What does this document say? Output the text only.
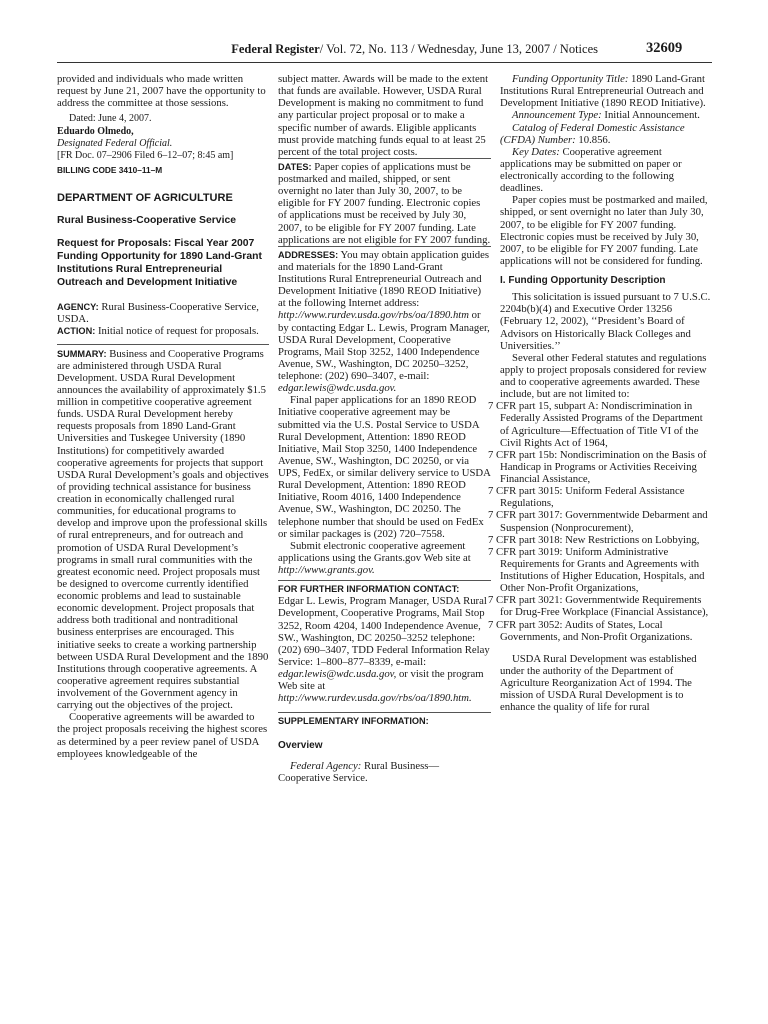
Federal Register/ Vol. 72, No. 113 / Wednesday, June 13, 2007 / Notices	32609

provided and individuals who made written request by June 21, 2007 have the opportunity to address the committee at those sessions.

Dated: June 4, 2007.

Eduardo Olmedo,

Designated Federal Official.

[FR Doc. 07–2906 Filed 6–12–07; 8:45 am]

BILLING CODE 3410–11–M

DEPARTMENT OF AGRICULTURE

Rural Business-Cooperative Service

Request for Proposals: Fiscal Year 2007 Funding Opportunity for 1890 Land-Grant Institutions Rural Entrepreneurial Outreach and Development Initiative

AGENCY: Rural Business-Cooperative Service, USDA.

ACTION: Initial notice of request for proposals.

SUMMARY: Business and Cooperative Programs are administered through USDA Rural Development. USDA Rural Development announces the availability of approximately $1.5 million in competitive cooperative agreement funds. USDA Rural Development hereby requests proposals from 1890 Land-Grant Universities and Tuskegee University (1890 Institutions) for competitively awarded cooperative agreements for projects that support USDA Rural Development’s goals and objectives of providing technical assistance for business creation in economically challenged rural communities, for educational programs to develop and improve upon the professional skills of rural entrepreneurs, and for outreach and promotion of USDA Rural Development’s programs in small rural communities with the greatest economic need. Project proposals must be designed to overcome currently identified economic problems and lead to sustainable economic development. Project proposals that address both traditional and nontraditional business enterprises are encouraged. This initiative seeks to create a working partnership between USDA Rural Development and the 1890 Institutions through cooperative agreements. A cooperative agreement requires substantial involvement of the Government agency in carrying out the objectives of the project.

Cooperative agreements will be awarded to the project proposals receiving the highest scores as determined by a peer review panel of USDA employees knowledgeable of the

subject matter. Awards will be made to the extent that funds are available. However, USDA Rural Development is making no commitment to fund any particular project proposal or to make a specific number of awards. Eligible applicants must provide matching funds equal to at least 25 percent of the total project costs.

DATES: Paper copies of applications must be postmarked and mailed, shipped, or sent overnight no later than July 30, 2007, to be eligible for FY 2007 funding. Electronic copies of applications must be received by July 30, 2007, to be eligible for FY 2007 funding. Late applications are not eligible for FY 2007 funding.

ADDRESSES: You may obtain application guides and materials for the 1890 Land-Grant Institutions Rural Entrepreneurial Outreach and Development Initiative (1890 REOD Initiative) at the following Internet address: http://www.rurdev.usda.gov/rbs/oa/1890.htm or by contacting Edgar L. Lewis, Program Manager, USDA Rural Development, Cooperative Programs, Mail Stop 3252, 1400 Independence Avenue, SW., Washington, DC 20250–3252, telephone: (202) 690–3407, e-mail: edgar.lewis@wdc.usda.gov.

Final paper applications for an 1890 REOD Initiative cooperative agreement may be submitted via the U.S. Postal Service to USDA Rural Development, Attention: 1890 REOD Initiative, Mail Stop 3250, 1400 Independence Avenue, SW., Washington, DC 20250, or via UPS, FedEx, or similar delivery service to USDA Rural Development, Attention: 1890 REOD Initiative, Room 4016, 1400 Independence Avenue, SW., Washington, DC 20250. The telephone number that should be used on FedEx or similar packages is (202) 720–7558.

Submit electronic cooperative agreement applications using the Grants.gov Web site at http://www.grants.gov.

FOR FURTHER INFORMATION CONTACT:
Edgar L. Lewis, Program Manager, USDA Rural Development, Cooperative Programs, Mail Stop 3252, Room 4204, 1400 Independence Avenue, SW., Washington, DC 20250–3252 telephone: (202) 690–3407, TDD Federal Information Relay Service: 1–800–877–8339, e-mail: edgar.lewis@wdc.usda.gov, or visit the program Web site at http://www.rurdev.usda.gov/rbs/oa/1890.htm.

SUPPLEMENTARY INFORMATION:

Overview

Federal Agency: Rural Business—Cooperative Service.

Funding Opportunity Title: 1890 Land-Grant Institutions Rural Entrepreneurial Outreach and Development Initiative (1890 REOD Initiative).

Announcement Type: Initial Announcement.

Catalog of Federal Domestic Assistance (CFDA) Number: 10.856.

Key Dates: Cooperative agreement applications may be submitted on paper or electronically according to the following deadlines.

Paper copies must be postmarked and mailed, shipped, or sent overnight no later than July 30, 2007, to be eligible for FY 2007 funding. Electronic copies must be received by July 30, 2007, to be eligible for FY 2007 funding. Late applications will not be considered for funding.

I. Funding Opportunity Description

This solicitation is issued pursuant to 7 U.S.C. 2204b(b)(4) and Executive Order 13256 (February 12, 2002), ‘‘President’s Board of Advisors on Historically Black Colleges and Universities.’’

Several other Federal statutes and regulations apply to project proposals considered for review and to cooperative agreements awarded. These include, but are not limited to:

7 CFR part 15, subpart A: Nondiscrimination in Federally Assisted Programs of the Department of Agriculture—Effectuation of Title VI of the Civil Rights Act of 1964,

7 CFR part 15b: Nondiscrimination on the Basis of Handicap in Programs or Activities Receiving Financial Assistance,

7 CFR part 3015: Uniform Federal Assistance Regulations,

7 CFR part 3017: Governmentwide Debarment and Suspension (Nonprocurement),

7 CFR part 3018: New Restrictions on Lobbying,

7 CFR part 3019: Uniform Administrative Requirements for Grants and Agreements with Institutions of Higher Education, Hospitals, and Other Non-Profit Organizations,

7 CFR part 3021: Governmentwide Requirements for Drug-Free Workplace (Financial Assistance),

7 CFR part 3052: Audits of States, Local Governments, and Non-Profit Organizations.

USDA Rural Development was established under the authority of the Department of Agriculture Reorganization Act of 1994. The mission of USDA Rural Development is to enhance the quality of life for rural
